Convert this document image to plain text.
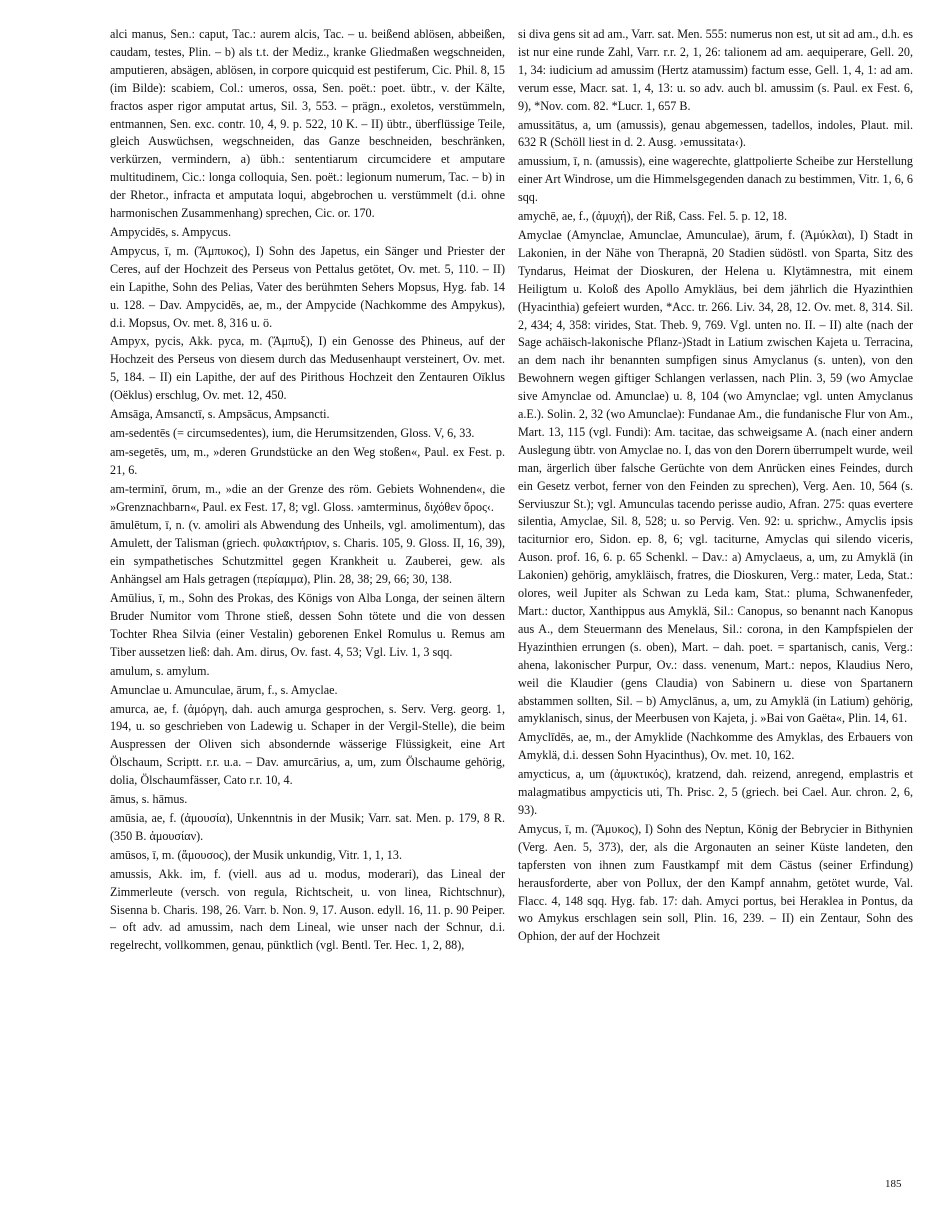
alci manus, Sen.: caput, Tac.: aurem alcis, Tac. – u. beißend ablösen, abbeißen, caudam, testes, Plin. – b) als t.t. der Mediz., kranke Gliedmaßen wegschneiden, amputieren, absägen, ablösen, in corpore quicquid est pestiferum, Cic. Phil. 8, 15 (im Bilde): scabiem, Col.: umeros, ossa, Sen. poët.: poet. übtr., v. der Kälte, fractos asper rigor amputat artus, Sil. 3, 553. – prägn., exoletos, verstümmeln, entmannen, Sen. exc. contr. 10, 4, 9. p. 522, 10 K. – II) übtr., überflüssige Teile, gleich Auswüchsen, wegschneiden, das Ganze beschneiden, beschränken, verkürzen, vermindern, a) übh.: sententiarum circumcidere et amputare multitudinem, Cic.: longa colloquia, Sen. poët.: legionum numerum, Tac. – b) in der Rhetor., infracta et amputata loqui, abgebrochen u. verstümmelt (d.i. ohne harmonischen Zusammenhang) sprechen, Cic. or. 170.

Ampycidēs, s. Ampycus.

Ampycus, ī, m. (Ἄμπυκος), I) Sohn des Japetus, ein Sänger und Priester der Ceres, auf der Hochzeit des Perseus von Pettalus getötet, Ov. met. 5, 110. – II) ein Lapithe, Sohn des Pelias, Vater des berühmten Sehers Mopsus, Hyg. fab. 14 u. 128. – Dav. Ampycidēs, ae, m., der Ampycide (Nachkomme des Ampykus), d.i. Mopsus, Ov. met. 8, 316 u. ö.

Ampyx, pycis, Akk. pyca, m. (Ἄμπυξ), I) ein Genosse des Phineus, auf der Hochzeit des Perseus von diesem durch das Medusenhaupt versteinert, Ov. met. 5, 184. – II) ein Lapithe, der auf des Pirithous Hochzeit den Zentauren Oïklus (Oëklus) erschlug, Ov. met. 12, 450.

Amsāga, Amsanctī, s. Ampsācus, Ampsancti.

am-sedentēs (= circumsedentes), ium, die Herumsitzenden, Gloss. V, 6, 33.

am-segetēs, um, m., »deren Grundstücke an den Weg stoßen«, Paul. ex Fest. p. 21, 6.

am-terminī, ōrum, m., »die an der Grenze des röm. Gebiets Wohnenden«, die »Grenznachbarn«, Paul. ex Fest. 17, 8; vgl. Gloss. ›amterminus, διχόθεν ὅρος‹.

āmulētum, ī, n. (v. amoliri als Abwendung des Unheils, vgl. amolimentum), das Amulett, der Talisman (griech. φυλακτήριον, s. Charis. 105, 9. Gloss. II, 16, 39), ein sympathetisches Schutzmittel gegen Krankheit u. Zauberei, gew. als Anhängsel am Hals getragen (περίαμμα), Plin. 28, 38; 29, 66; 30, 138.

Amūlius, ī, m., Sohn des Prokas, des Königs von Alba Longa, der seinen ältern Bruder Numitor vom Throne stieß, dessen Sohn tötete und die von dessen Tochter Rhea Silvia (einer Vestalin) geborenen Enkel Romulus u. Remus am Tiber aussetzen ließ: dah. Am. dirus, Ov. fast. 4, 53; Vgl. Liv. 1, 3 sqq.

amulum, s. amylum.

Amunclae u. Amunculae, ārum, f., s. Amyclae.

amurca, ae, f. (ἀμόργη, dah. auch amurga gesprochen, s. Serv. Verg. georg. 1, 194, u. so geschrieben von Ladewig u. Schaper in der Vergil-Stelle), die beim Auspressen der Oliven sich absondernde wässerige Flüssigkeit, eine Art Ölschaum, Scriptt. r.r. u.a. – Dav. amurcārius, a, um, zum Ölschaume gehörig, dolia, Ölschaumfässer, Cato r.r. 10, 4.

āmus, s. hāmus.

amūsia, ae, f. (ἀμουσία), Unkenntnis in der Musik; Varr. sat. Men. p. 179, 8 R. (350 B. ἀμουσίαν).

amūsos, ī, m. (ἄμουσος), der Musik unkundig, Vitr. 1, 1, 13.

amussis, Akk. im, f. (viell. aus ad u. modus, moderari), das Lineal der Zimmerleute (versch. von regula, Richtscheit, u. von linea, Richtschnur), Sisenna b. Charis. 198, 26. Varr. b. Non. 9, 17. Auson. edyll. 16, 11. p. 90 Peiper. – oft adv. ad amussim, nach dem Lineal, wie unser nach der Schnur, d.i. regelrecht, vollkommen, genau, pünktlich (vgl. Bentl. Ter. Hec. 1, 2, 88),

si diva gens sit ad am., Varr. sat. Men. 555: numerus non est, ut sit ad am., d.h. es ist nur eine runde Zahl, Varr. r.r. 2, 1, 26: talionem ad am. aequiperare, Gell. 20, 1, 34: iudicium ad amussim (Hertz atamussim) factum esse, Gell. 1, 4, 1: ad am. verum esse, Macr. sat. 1, 4, 13: u. so adv. auch bl. amussim (s. Paul. ex Fest. 6, 9), *Nov. com. 82. *Lucr. 1, 657 B.

amussitātus, a, um (amussis), genau abgemessen, tadellos, indoles, Plaut. mil. 632 R (Schöll liest in d. 2. Ausg. ›emussitata‹).

amussium, ī, n. (amussis), eine wagerechte, glattpolierte Scheibe zur Herstellung einer Art Windrose, um die Himmelsgegenden danach zu bestimmen, Vitr. 1, 6, 6 sqq.

amychē, ae, f., (ἀμυχή), der Riß, Cass. Fel. 5. p. 12, 18.

Amyclae (Amynclae, Amunclae, Amunculae), ārum, f. (Ἀμύκλαι), I) Stadt in Lakonien, in der Nähe von Therapnä, 20 Stadien südöstl. von Sparta, Sitz des Tyndarus, Heimat der Dioskuren, der Helena u. Klytämnestra, mit einem Heiligtum u. Koloß des Apollo Amykläus, bei dem jährlich die Hyazinthien (Hyacinthia) gefeiert wurden, *Acc. tr. 266. Liv. 34, 28, 12. Ov. met. 8, 314. Sil. 2, 434; 4, 358: virides, Stat. Theb. 9, 769. Vgl. unten no. II. – II) alte (nach der Sage achäisch-lakonische Pflanz-)Stadt in Latium zwischen Kajeta u. Terracina, an dem nach ihr benannten sumpfigen sinus Amyclanus (s. unten), von den Bewohnern wegen giftiger Schlangen verlassen, nach Plin. 3, 59 (wo Amyclae sive Amynclae od. Amunclae) u. 8, 104 (wo Amynclae; vgl. unten Amyclanus a.E.). Solin. 2, 32 (wo Amunclae): Fundanae Am., die fundanische Flur von Am., Mart. 13, 115 (vgl. Fundi): Am. tacitae, das schweigsame A. (nach einer andern Auslegung übtr. von Amyclae no. I, das von den Dorern überrumpelt wurde, weil man, ärgerlich über falsche Gerüchte von dem Anrücken eines Feindes, durch ein Gesetz verbot, ferner von den Feinden zu sprechen), Verg. Aen. 10, 564 (s. Serviuszur St.); vgl. Amunculas tacendo perisse audio, Afran. 275: quas evertere silentia, Amyclae, Sil. 8, 528; u. so Pervig. Ven. 92: u. sprichw., Amyclis ipsis taciturnior ero, Sidon. ep. 8, 6; vgl. taciturne, Amyclas qui silendo viceris, Auson. prof. 16, 6. p. 65 Schenkl. – Dav.: a) Amyclaeus, a, um, zu Amyklä (in Lakonien) gehörig, amykläisch, fratres, die Dioskuren, Verg.: mater, Leda, Stat.: olores, weil Jupiter als Schwan zu Leda kam, Stat.: pluma, Schwanenfeder, Mart.: ductor, Xanthippus aus Amyklä, Sil.: Canopus, so benannt nach Kanopus aus A., dem Steuermann des Menelaus, Sil.: corona, in den Kampfspielen der Hyazinthien errungen (s. oben), Mart. – dah. poet. = spartanisch, canis, Verg.: ahena, lakonischer Purpur, Ov.: dass. venenum, Mart.: nepos, Klaudius Nero, weil die Klaudier (gens Claudia) von Sabinern u. diese von Spartanern abstammen sollten, Sil. – b) Amyclānus, a, um, zu Amyklä (in Latium) gehörig, amyklanisch, sinus, der Meerbusen von Kajeta, j. »Bai von Gaëta«, Plin. 14, 61.

Amyclīdēs, ae, m., der Amyklide (Nachkomme des Amyklas, des Erbauers von Amyklä, d.i. dessen Sohn Hyacinthus), Ov. met. 10, 162.

amycticus, a, um (ἀμυκτικός), kratzend, dah. reizend, anregend, emplastris et malagmatibus ampycticis uti, Th. Prisc. 2, 5 (griech. bei Cael. Aur. chron. 2, 6, 93).

Amycus, ī, m. (Ἄμυκος), I) Sohn des Neptun, König der Bebrycier in Bithynien (Verg. Aen. 5, 373), der, als die Argonauten an seiner Küste landeten, den tapfersten von ihnen zum Faustkampf mit dem Cästus (seiner Erfindung) herausforderte, aber von Pollux, der den Kampf annahm, getötet wurde, Val. Flacc. 4, 148 sqq. Hyg. fab. 17: dah. Amyci portus, bei Heraklea in Pontus, da wo Amykus erschlagen sein soll, Plin. 16, 239. – II) ein Zentaur, Sohn des Ophion, der auf der Hochzeit

185
